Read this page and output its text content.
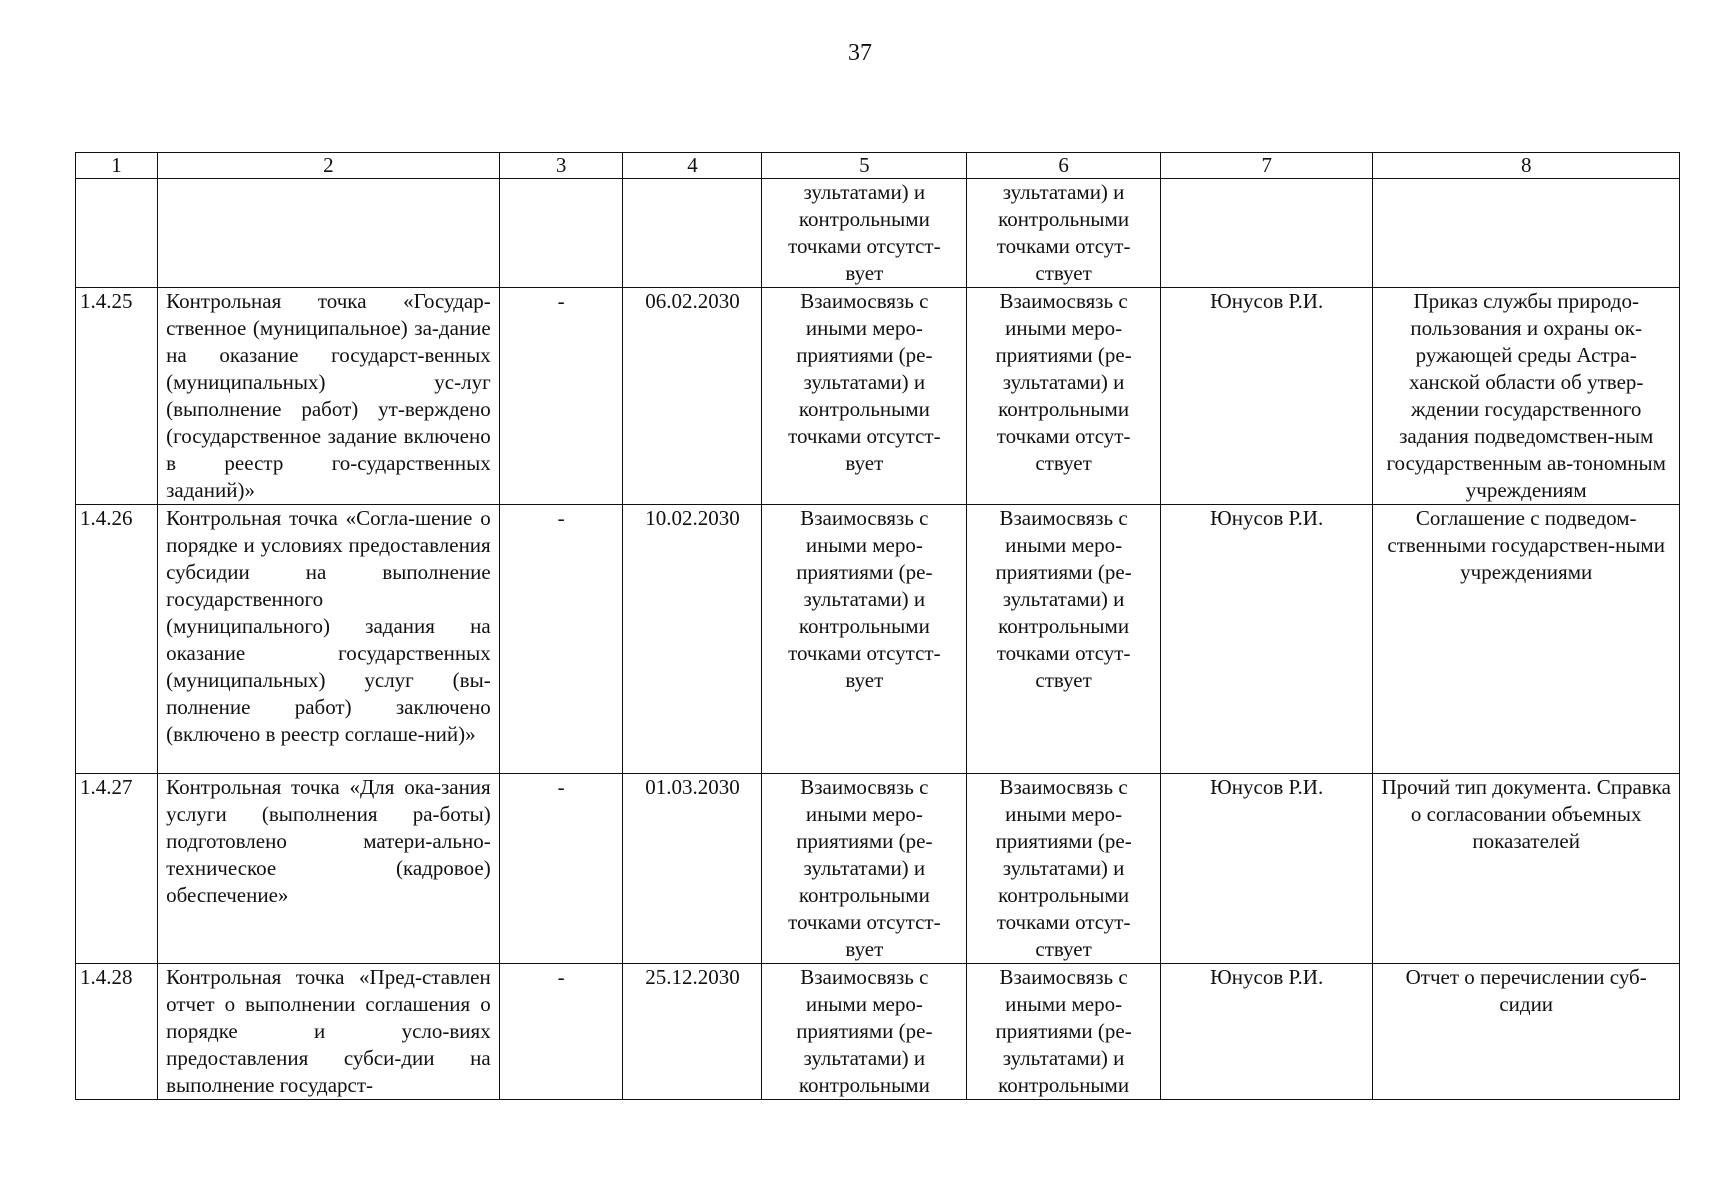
37
1	2	3	4	5	6	7	8
				зультатами) и контрольными точками отсутст-вует	зультатами) и контрольными точками отсут-ствует		
1.4.25	Контрольная точка «Государ-ственное (муниципальное) за-дание на оказание государст-венных (муниципальных) ус-луг (выполнение работ) ут-верждено (государственное задание включено в реестр го-сударственных заданий)»	-	06.02.2030	Взаимосвязь с иными меро-приятиями (ре-зультатами) и контрольными точками отсутст-вует	Взаимосвязь с иными меро-приятиями (ре-зультатами) и контрольными точками отсут-ствует	Юнусов Р.И.	Приказ службы природо-пользования и охраны ок-ружающей среды Астра-ханской области об утвер-ждении государственного задания подведомствен-ным государственным ав-тономным учреждениям
1.4.26	Контрольная точка «Согла-шение о порядке и условиях предоставления субсидии на выполнение государственного (муниципального) задания на оказание государственных (муниципальных) услуг (вы-полнение работ) заключено (включено в реестр соглаше-ний)»	-	10.02.2030	Взаимосвязь с иными меро-приятиями (ре-зультатами) и контрольными точками отсутст-вует	Взаимосвязь с иными меро-приятиями (ре-зультатами) и контрольными точками отсут-ствует	Юнусов Р.И.	Соглашение с подведом-ственными государствен-ными учреждениями
1.4.27	Контрольная точка «Для ока-зания услуги (выполнения ра-боты) подготовлено матери-ально-техническое (кадровое) обеспечение»	-	01.03.2030	Взаимосвязь с иными меро-приятиями (ре-зультатами) и контрольными точками отсутст-вует	Взаимосвязь с иными меро-приятиями (ре-зультатами) и контрольными точками отсут-ствует	Юнусов Р.И.	Прочий тип документа. Справка о согласовании объемных показателей
1.4.28	Контрольная точка «Пред-ставлен отчет о выполнении соглашения о порядке и усло-виях предоставления субси-дии на выполнение государст-	-	25.12.2030	Взаимосвязь с иными меро-приятиями (ре-зультатами) и контрольными	Взаимосвязь с иными меро-приятиями (ре-зультатами) и контрольными	Юнусов Р.И.	Отчет о перечислении суб-сидии
